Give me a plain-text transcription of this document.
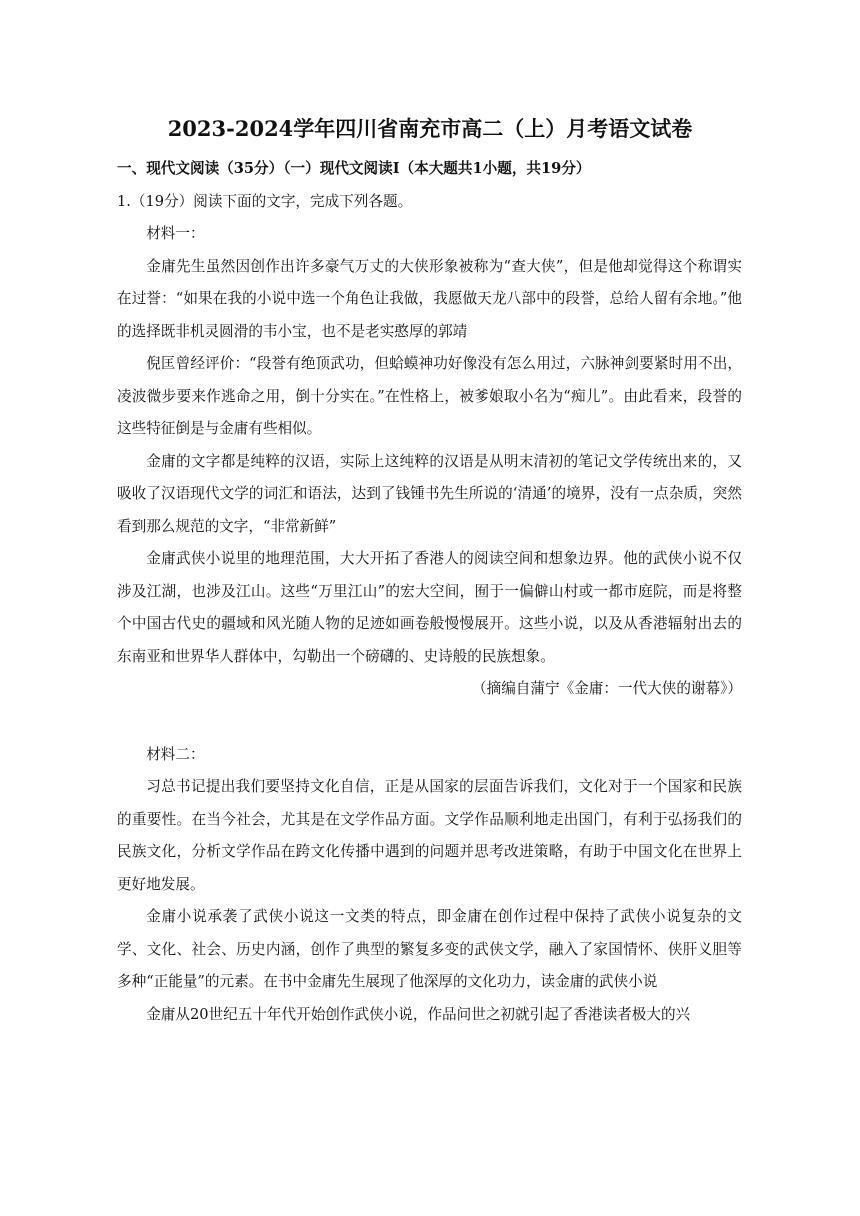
2023-2024学年四川省南充市高二（上）月考语文试卷

一、现代文阅读（35分）（一）现代文阅读I（本大题共1小题，共19分）

1.（19分）阅读下面的文字，完成下列各题。

材料一：

金庸先生虽然因创作出许多豪气万丈的大侠形象被称为“查大侠”，但是他却觉得这个称谓实在过誉：“如果在我的小说中选一个角色让我做，我愿做天龙八部中的段誉，总给人留有余地。”他的选择既非机灵圆滑的韦小宝，也不是老实憨厚的郭靖

倪匡曾经评价：“段誉有绝顶武功，但蛤蟆神功好像没有怎么用过，六脉神剑要紧时用不出，凌波微步要来作逃命之用，倒十分实在。”在性格上，被爹娘取小名为“痴儿”。由此看来，段誉的这些特征倒是与金庸有些相似。

金庸的文字都是纯粹的汉语，实际上这纯粹的汉语是从明末清初的笔记文学传统出来的，又吸收了汉语现代文学的词汇和语法，达到了钱锺书先生所说的‘清通’的境界，没有一点杂质，突然看到那么规范的文字，“非常新鲜”

金庸武侠小说里的地理范围，大大开拓了香港人的阅读空间和想象边界。他的武侠小说不仅涉及江湖，也涉及江山。这些“万里江山”的宏大空间，囿于一偏僻山村或一都市庭院，而是将整个中国古代史的疆域和风光随人物的足迹如画卷般慢慢展开。这些小说，以及从香港辐射出去的东南亚和世界华人群体中，勾勒出一个磅礴的、史诗般的民族想象。

（摘编自蒲宁《金庸：一代大侠的谢幕》）

材料二：

习总书记提出我们要坚持文化自信，正是从国家的层面告诉我们，文化对于一个国家和民族的重要性。在当今社会，尤其是在文学作品方面。文学作品顺利地走出国门，有利于弘扬我们的民族文化，分析文学作品在跨文化传播中遇到的问题并思考改进策略，有助于中国文化在世界上更好地发展。

金庸小说承袭了武侠小说这一文类的特点，即金庸在创作过程中保持了武侠小说复杂的文学、文化、社会、历史内涵，创作了典型的繁复多变的武侠文学，融入了家国情怀、侠肝义胆等多种“正能量”的元素。在书中金庸先生展现了他深厚的文化功力，读金庸的武侠小说

金庸从20世纪五十年代开始创作武侠小说，作品问世之初就引起了香港读者极大的兴
